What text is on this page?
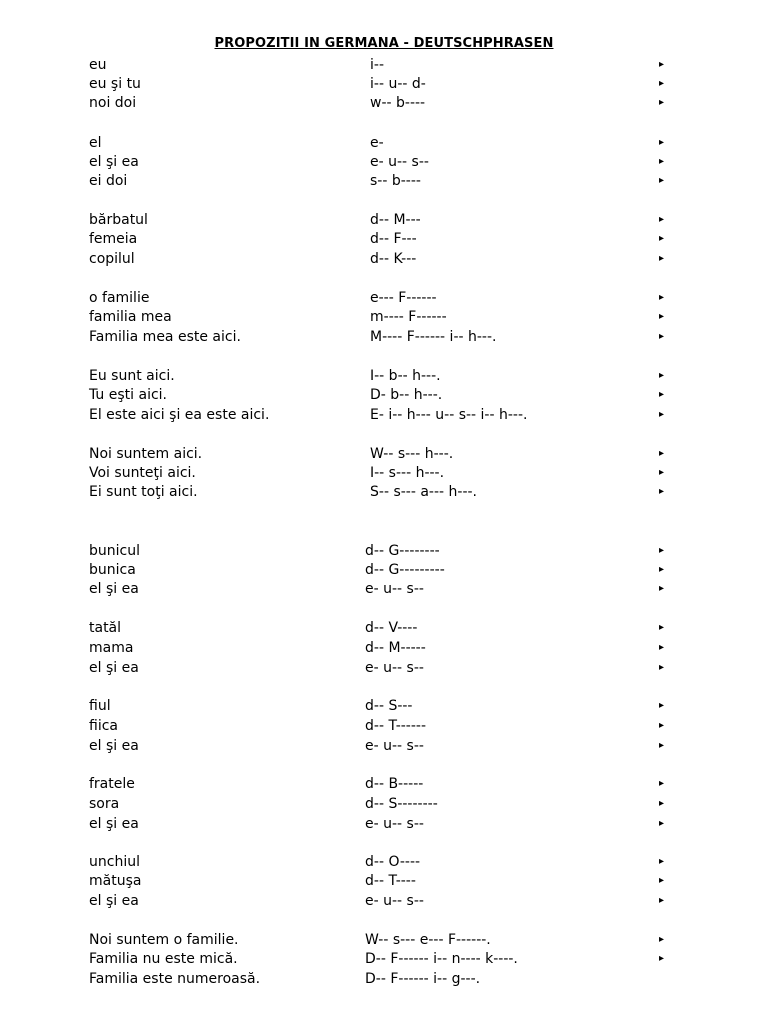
PROPOZITII IN GERMANA - DEUTSCHPHRASEN
eu	i--	▸
eu şi tu	i-- u-- d-	▸
noi doi	w-- b----	▸
el	e-	▸
el şi ea	e- u-- s--	▸
ei doi	s-- b----	▸
bărbatul	d-- M---	▸
femeia	d-- F---	▸
copilul	d-- K---	▸
o familie	e--- F------	▸
familia mea	m---- F------	▸
Familia mea este aici.	M---- F------ i-- h---.	▸
Eu sunt aici.	I-- b-- h---.	▸
Tu eşti aici.	D- b-- h---.	▸
El este aici şi ea este aici.	E- i-- h--- u-- s-- i-- h---.	▸
Noi suntem aici.	W-- s--- h---.	▸
Voi sunteţi aici.	I-- s--- h---.	▸
Ei sunt toţi aici.	S-- s--- a--- h---.	▸
bunicul	d-- G--------	▸
bunica	d-- G---------	▸
el şi ea	e- u-- s--	▸
tatăl	d-- V----	▸
mama	d-- M-----	▸
el şi ea	e- u-- s--	▸
fiul	d-- S---	▸
fiica	d-- T------	▸
el şi ea	e- u-- s--	▸
fratele	d-- B-----	▸
sora	d-- S--------	▸
el şi ea	e- u-- s--	▸
unchiul	d-- O----	▸
mătuşa	d-- T----	▸
el şi ea	e- u-- s--	▸
Noi suntem o familie.	W-- s--- e--- F------.	▸
Familia nu este mică.	D-- F------ i-- n---- k----.	▸
Familia este numeroasă.	D-- F------ i-- g---.
